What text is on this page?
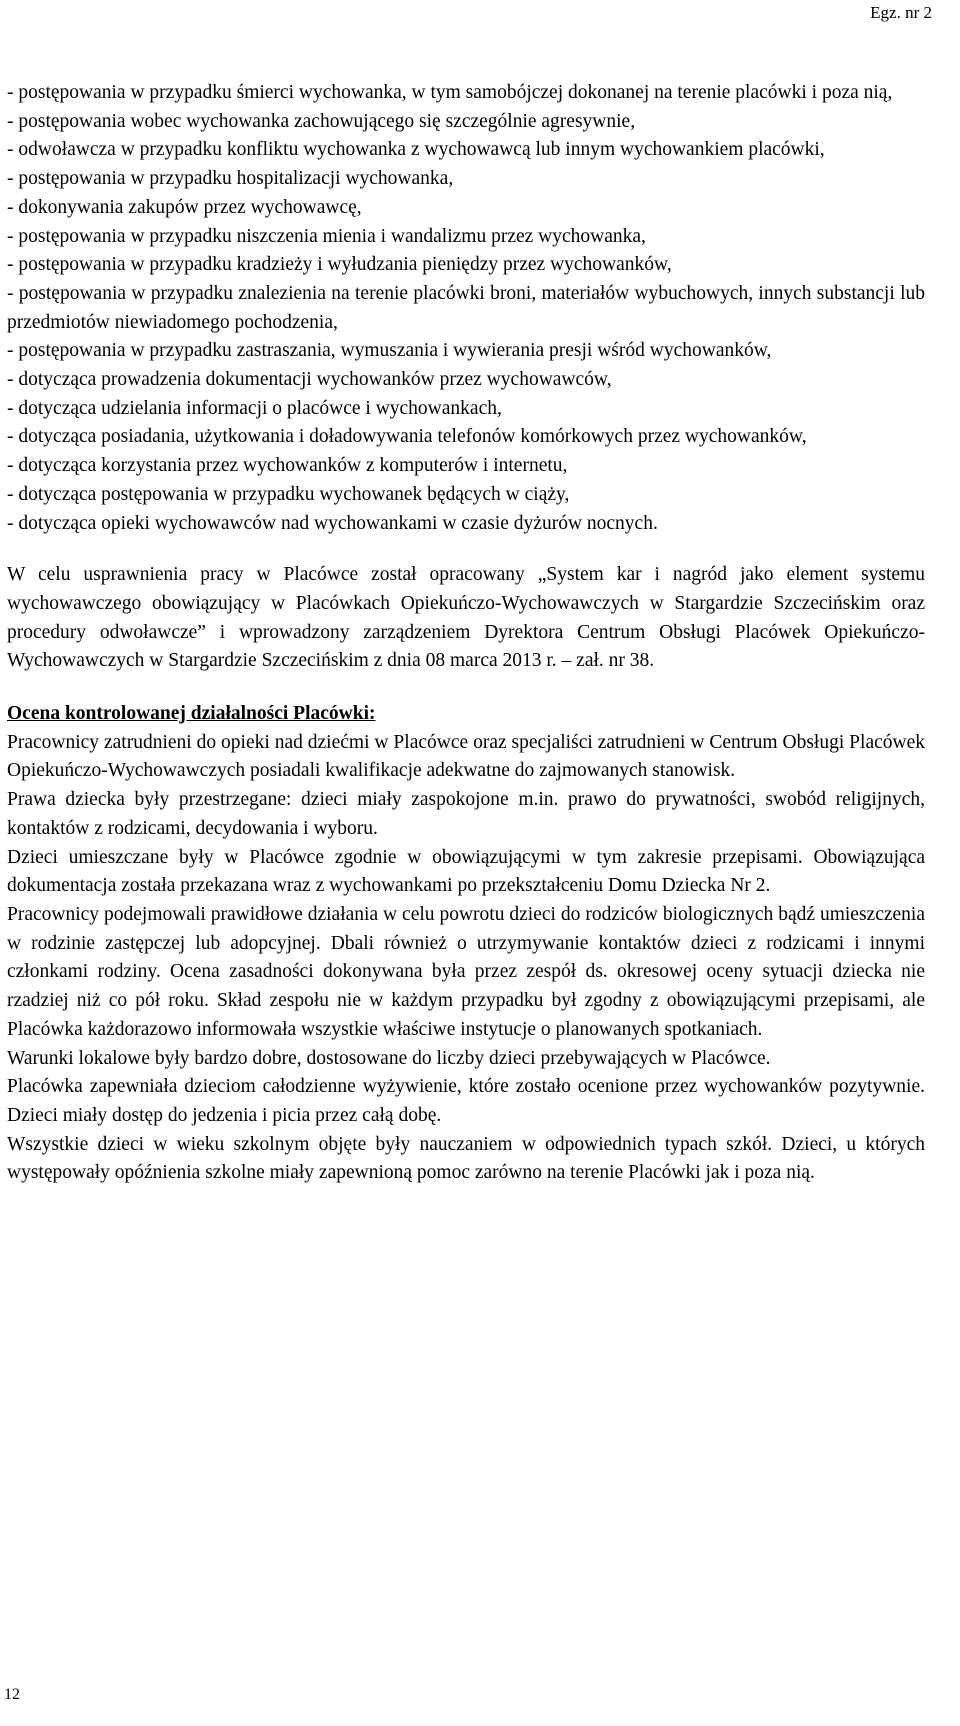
Egz. nr 2

- postępowania w przypadku śmierci wychowanka, w tym samobójczej dokonanej na terenie placówki i poza nią,

- postępowania wobec wychowanka zachowującego się szczególnie agresywnie,

- odwoławcza w przypadku konfliktu wychowanka z wychowawcą lub innym wychowankiem placówki,

- postępowania w przypadku hospitalizacji wychowanka,

- dokonywania zakupów przez wychowawcę,

- postępowania w przypadku niszczenia mienia i wandalizmu przez wychowanka,

- postępowania w przypadku kradzieży i wyłudzania pieniędzy przez wychowanków,

- postępowania w przypadku znalezienia na terenie placówki broni, materiałów wybuchowych, innych substancji lub przedmiotów niewiadomego pochodzenia,

- postępowania w przypadku zastraszania, wymuszania i wywierania presji wśród wychowanków,

- dotycząca prowadzenia dokumentacji wychowanków przez wychowawców,

- dotycząca udzielania informacji o placówce i wychowankach,

- dotycząca posiadania, użytkowania i doładowywania telefonów komórkowych przez wychowanków,

- dotycząca korzystania przez wychowanków z komputerów i internetu,

- dotycząca postępowania w przypadku wychowanek będących w ciąży,

- dotycząca opieki wychowawców nad wychowankami w czasie dyżurów nocnych.

W celu usprawnienia pracy w Placówce został opracowany „System kar i nagród jako element systemu wychowawczego obowiązujący w Placówkach Opiekuńczo-Wychowawczych w Stargardzie Szczecińskim oraz procedury odwoławcze” i wprowadzony zarządzeniem Dyrektora Centrum Obsługi Placówek Opiekuńczo-Wychowawczych w Stargardzie Szczecińskim z dnia 08 marca 2013 r. – zał. nr 38.

Ocena kontrolowanej działalności Placówki:

Pracownicy zatrudnieni do opieki nad dziećmi w Placówce oraz specjaliści zatrudnieni w Centrum Obsługi Placówek Opiekuńczo-Wychowawczych posiadali kwalifikacje adekwatne do zajmowanych stanowisk.

Prawa dziecka były przestrzegane: dzieci miały zaspokojone m.in. prawo do prywatności, swobód religijnych, kontaktów z rodzicami, decydowania i wyboru.

Dzieci umieszczane były w Placówce zgodnie w obowiązującymi w tym zakresie przepisami. Obowiązująca dokumentacja została przekazana wraz z wychowankami po przekształceniu Domu Dziecka Nr 2.

Pracownicy podejmowali prawidłowe działania w celu powrotu dzieci do rodziców biologicznych bądź umieszczenia w rodzinie zastępczej lub adopcyjnej. Dbali również o utrzymywanie kontaktów dzieci z rodzicami i innymi członkami rodziny. Ocena zasadności dokonywana była przez zespół ds. okresowej oceny sytuacji dziecka nie rzadziej niż co pół roku. Skład zespołu nie w każdym przypadku był zgodny z obowiązującymi przepisami, ale Placówka każdorazowo informowała wszystkie właściwe instytucje o planowanych spotkaniach.

Warunki lokalowe były bardzo dobre, dostosowane do liczby dzieci przebywających w Placówce.

Placówka zapewniała dzieciom całodzienne wyżywienie, które zostało ocenione przez wychowanków pozytywnie. Dzieci miały dostęp do jedzenia i picia przez całą dobę.

Wszystkie dzieci w wieku szkolnym objęte były nauczaniem w odpowiednich typach szkół. Dzieci, u których występowały opóźnienia szkolne miały zapewnioną pomoc zarówno na terenie Placówki jak i poza nią.

12
